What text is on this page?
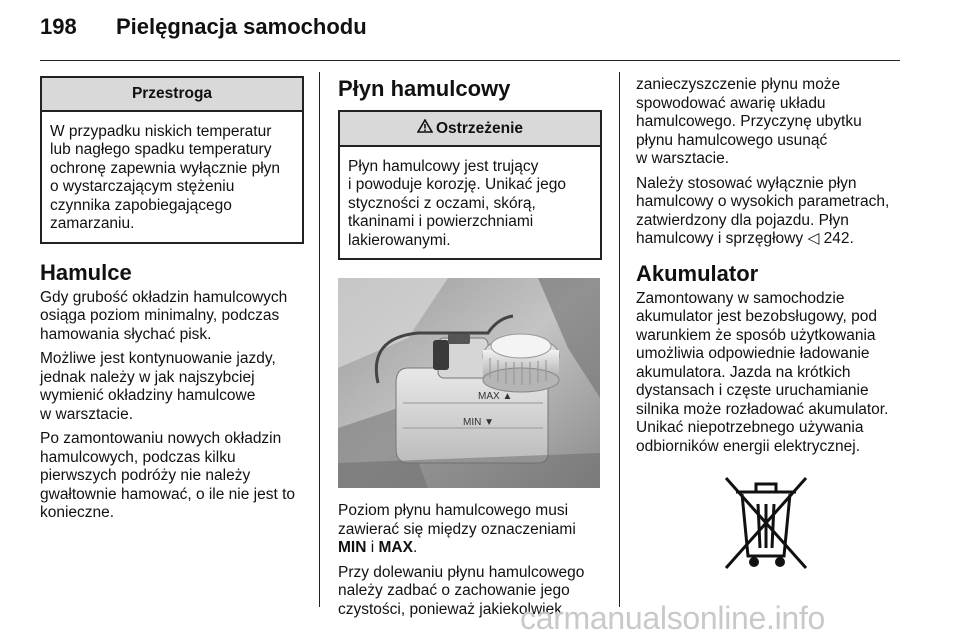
198 Pielęgnacja samochodu
Przestroga

W przypadku niskich temperatur
lub nagłego spadku temperatury
ochronę zapewnia wyłącznie płyn
o wystarczającym stężeniu
czynnika zapobiegającego
zamarzaniu.

Hamulce

Gdy grubość okładzin hamulcowych
osiąga poziom minimalny, podczas
hamowania słychać pisk.

Możliwe jest kontynuowanie jazdy,
jednak należy w jak najszybciej
wymienić okładziny hamulcowe
w warsztacie.

Po zamontowaniu nowych okładzin
hamulcowych, podczas kilku
pierwszych podróży nie należy
gwałtownie hamować, o ile nie jest to
konieczne.

Płyn hamulcowy
Ostrzeżenie

Płyn hamulcowy jest trujący
i powoduje korozję. Unikać jego
styczności z oczami, skórą,
tkaninami i powierzchniami
lakierowanymi.

MAX ▲
MIN ▼

Poziom płynu hamulcowego musi
zawierać się między oznaczeniami
MIN i MAX.

Przy dolewaniu płynu hamulcowego
należy zadbać o zachowanie jego
czystości, ponieważ jakiekolwiek

zanieczyszczenie płynu może
spowodować awarię układu
hamulcowego. Przyczynę ubytku
płynu hamulcowego usunąć
w warsztacie.

Należy stosować wyłącznie płyn
hamulcowy o wysokich parametrach,
zatwierdzony dla pojazdu. Płyn
hamulcowy i sprzęgłowy ◁ 242.

Akumulator

Zamontowany w samochodzie
akumulator jest bezobsługowy, pod
warunkiem że sposób użytkowania
umożliwia odpowiednie ładowanie
akumulatora. Jazda na krótkich
dystansach i częste uruchamianie
silnika może rozładować akumulator.
Unikać niepotrzebnego używania
odbiorników energii elektrycznej.

carmanualsonline.info
